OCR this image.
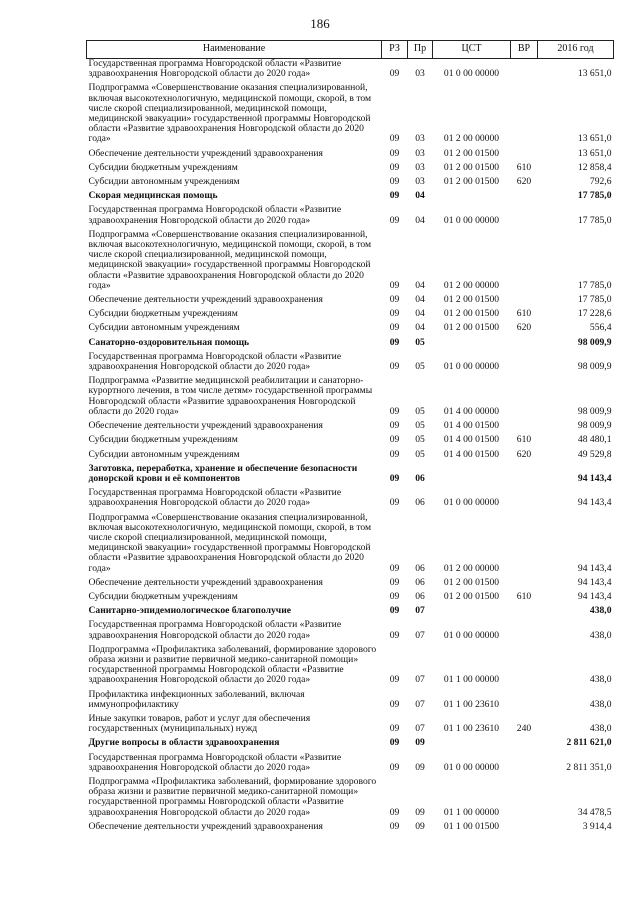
186
Наименование	РЗ	Пр	ЦСТ	ВР	2016 год
Государственная программа Новгородской области «Развитие здравоохранения Новгородской области до 2020 года»	09	03	01 0 00 00000		13 651,0
Подпрограмма «Совершенствование оказания специализированной, включая высокотехнологичную, медицинской помощи, скорой, в том числе скорой специализированной, медицинской помощи, медицинской эвакуации» государственной программы Новгородской области «Развитие здравоохранения Новгородской области до 2020 года»	09	03	01 2 00 00000		13 651,0
Обеспечение деятельности учреждений здравоохранения	09	03	01 2 00 01500		13 651,0
Субсидии бюджетным учреждениям	09	03	01 2 00 01500	610	12 858,4
Субсидии автономным учреждениям	09	03	01 2 00 01500	620	792,6
Скорая медицинская помощь	09	04			17 785,0
Государственная программа Новгородской области «Развитие здравоохранения Новгородской области до 2020 года»	09	04	01 0 00 00000		17 785,0
Подпрограмма «Совершенствование оказания специализированной, включая высокотехнологичную, медицинской помощи, скорой, в том числе скорой специализированной, медицинской помощи, медицинской эвакуации» государственной программы Новгородской области «Развитие здравоохранения Новгородской области до 2020 года»	09	04	01 2 00 00000		17 785,0
Обеспечение деятельности учреждений здравоохранения	09	04	01 2 00 01500		17 785,0
Субсидии бюджетным учреждениям	09	04	01 2 00 01500	610	17 228,6
Субсидии автономным учреждениям	09	04	01 2 00 01500	620	556,4
Санаторно-оздоровительная помощь	09	05			98 009,9
Государственная программа Новгородской области «Развитие здравоохранения Новгородской области до 2020 года»	09	05	01 0 00 00000		98 009,9
Подпрограмма «Развитие медицинской реабилитации и санаторно-курортного лечения, в том числе детям» государственной программы Новгородской области «Развитие здравоохранения Новгородской области до 2020 года»	09	05	01 4 00 00000		98 009,9
Обеспечение деятельности учреждений здравоохранения	09	05	01 4 00 01500		98 009,9
Субсидии бюджетным учреждениям	09	05	01 4 00 01500	610	48 480,1
Субсидии автономным учреждениям	09	05	01 4 00 01500	620	49 529,8
Заготовка, переработка, хранение и обеспечение безопасности донорской крови и её компонентов	09	06			94 143,4
Государственная программа Новгородской области «Развитие здравоохранения Новгородской области до 2020 года»	09	06	01 0 00 00000		94 143,4
Подпрограмма «Совершенствование оказания специализированной, включая высокотехнологичную, медицинской помощи, скорой, в том числе скорой специализированной, медицинской помощи, медицинской эвакуации» государственной программы Новгородской области «Развитие здравоохранения Новгородской области до 2020 года»	09	06	01 2 00 00000		94 143,4
Обеспечение деятельности учреждений здравоохранения	09	06	01 2 00 01500		94 143,4
Субсидии бюджетным учреждениям	09	06	01 2 00 01500	610	94 143,4
Санитарно-эпидемиологическое благополучие	09	07			438,0
Государственная программа Новгородской области «Развитие здравоохранения Новгородской области до 2020 года»	09	07	01 0 00 00000		438,0
Подпрограмма «Профилактика заболеваний, формирование здорового образа жизни и развитие первичной медико-санитарной помощи» государственной программы Новгородской области «Развитие здравоохранения Новгородской области до 2020 года»	09	07	01 1 00 00000		438,0
Профилактика инфекционных заболеваний, включая иммунопрофилактику	09	07	01 1 00 23610		438,0
Иные закупки товаров, работ и услуг для обеспечения государственных (муниципальных) нужд	09	07	01 1 00 23610	240	438,0
Другие вопросы в области здравоохранения	09	09			2 811 621,0
Государственная программа Новгородской области «Развитие здравоохранения Новгородской области до 2020 года»	09	09	01 0 00 00000		2 811 351,0
Подпрограмма «Профилактика заболеваний, формирование здорового образа жизни и развитие первичной медико-санитарной помощи» государственной программы Новгородской области «Развитие здравоохранения Новгородской области до 2020 года»	09	09	01 1 00 00000		34 478,5
Обеспечение деятельности учреждений здравоохранения	09	09	01 1 00 01500		3 914,4
